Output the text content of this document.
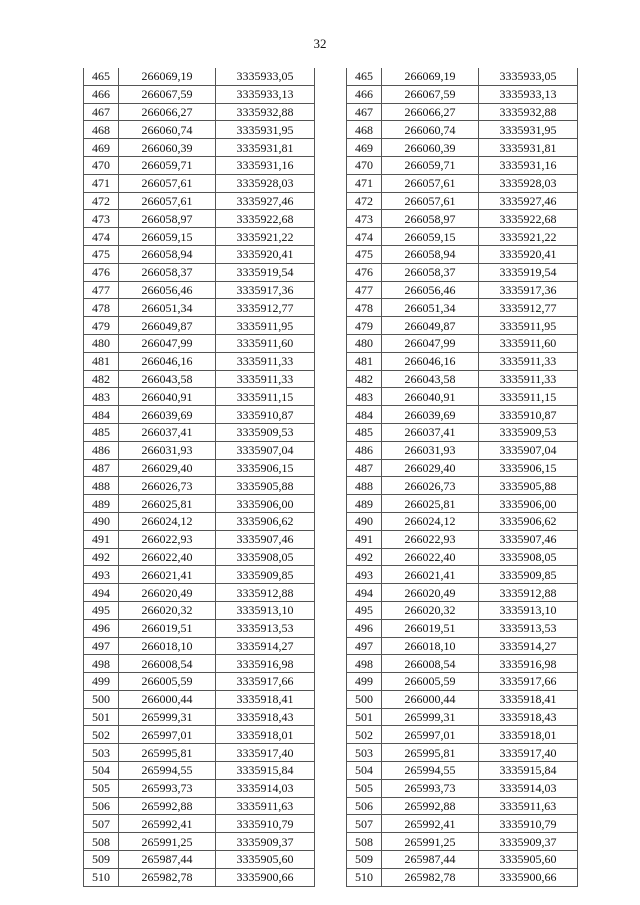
32
465	266069,19	3335933,05
466	266067,59	3335933,13
467	266066,27	3335932,88
468	266060,74	3335931,95
469	266060,39	3335931,81
470	266059,71	3335931,16
471	266057,61	3335928,03
472	266057,61	3335927,46
473	266058,97	3335922,68
474	266059,15	3335921,22
475	266058,94	3335920,41
476	266058,37	3335919,54
477	266056,46	3335917,36
478	266051,34	3335912,77
479	266049,87	3335911,95
480	266047,99	3335911,60
481	266046,16	3335911,33
482	266043,58	3335911,33
483	266040,91	3335911,15
484	266039,69	3335910,87
485	266037,41	3335909,53
486	266031,93	3335907,04
487	266029,40	3335906,15
488	266026,73	3335905,88
489	266025,81	3335906,00
490	266024,12	3335906,62
491	266022,93	3335907,46
492	266022,40	3335908,05
493	266021,41	3335909,85
494	266020,49	3335912,88
495	266020,32	3335913,10
496	266019,51	3335913,53
497	266018,10	3335914,27
498	266008,54	3335916,98
499	266005,59	3335917,66
500	266000,44	3335918,41
501	265999,31	3335918,43
502	265997,01	3335918,01
503	265995,81	3335917,40
504	265994,55	3335915,84
505	265993,73	3335914,03
506	265992,88	3335911,63
507	265992,41	3335910,79
508	265991,25	3335909,37
509	265987,44	3335905,60
510	265982,78	3335900,66
465	266069,19	3335933,05
466	266067,59	3335933,13
467	266066,27	3335932,88
468	266060,74	3335931,95
469	266060,39	3335931,81
470	266059,71	3335931,16
471	266057,61	3335928,03
472	266057,61	3335927,46
473	266058,97	3335922,68
474	266059,15	3335921,22
475	266058,94	3335920,41
476	266058,37	3335919,54
477	266056,46	3335917,36
478	266051,34	3335912,77
479	266049,87	3335911,95
480	266047,99	3335911,60
481	266046,16	3335911,33
482	266043,58	3335911,33
483	266040,91	3335911,15
484	266039,69	3335910,87
485	266037,41	3335909,53
486	266031,93	3335907,04
487	266029,40	3335906,15
488	266026,73	3335905,88
489	266025,81	3335906,00
490	266024,12	3335906,62
491	266022,93	3335907,46
492	266022,40	3335908,05
493	266021,41	3335909,85
494	266020,49	3335912,88
495	266020,32	3335913,10
496	266019,51	3335913,53
497	266018,10	3335914,27
498	266008,54	3335916,98
499	266005,59	3335917,66
500	266000,44	3335918,41
501	265999,31	3335918,43
502	265997,01	3335918,01
503	265995,81	3335917,40
504	265994,55	3335915,84
505	265993,73	3335914,03
506	265992,88	3335911,63
507	265992,41	3335910,79
508	265991,25	3335909,37
509	265987,44	3335905,60
510	265982,78	3335900,66
